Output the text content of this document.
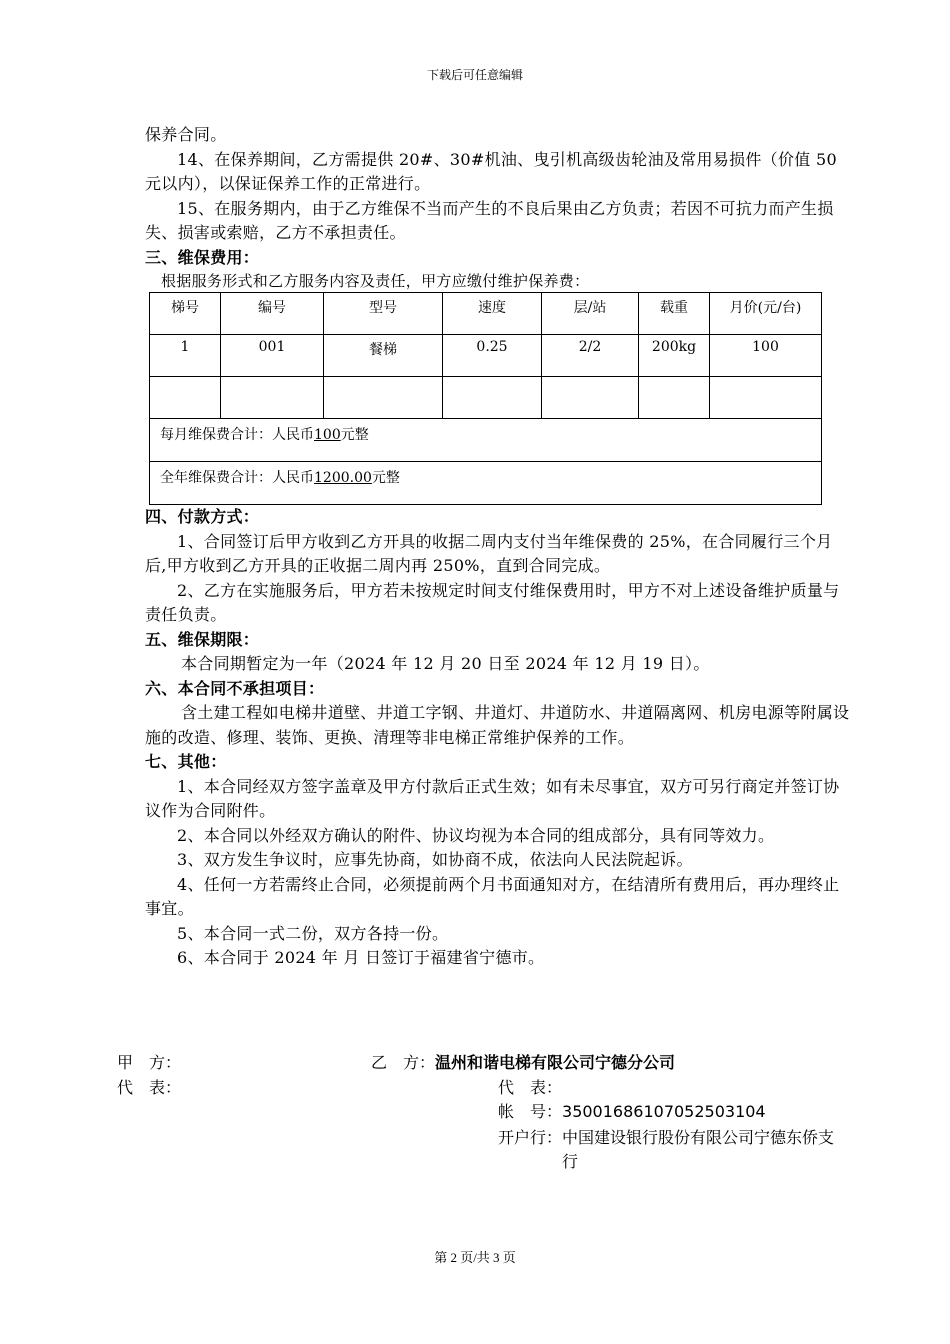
下载后可任意编辑

保养合同。

14、在保养期间，乙方需提供 20#、30#机油、曳引机高级齿轮油及常用易损件（价值 50 元以内），以保证保养工作的正常进行。

15、在服务期内，由于乙方维保不当而产生的不良后果由乙方负责；若因不可抗力而产生损失、损害或索赔，乙方不承担责任。

三、维保费用：

根据服务形式和乙方服务内容及责任，甲方应缴付维护保养费：

梯号	编号	型号	速度	层/站	载重	月价(元/台)
1	001	餐梯	0.25	2/2	200kg	100

每月维保费合计：人民币100元整						
全年维保费合计：人民币1200.00元整						

四、付款方式：

1、合同签订后甲方收到乙方开具的收据二周内支付当年维保费的 25%，在合同履行三个月后,甲方收到乙方开具的正收据二周内再 250%，直到合同完成。

2、乙方在实施服务后，甲方若未按规定时间支付维保费用时，甲方不对上述设备维护质量与责任负责。

五、维保期限：

本合同期暂定为一年（2024 年 12 月 20 日至 2024 年 12 月 19 日）。

六、本合同不承担项目：

含土建工程如电梯井道壁、井道工字钢、井道灯、井道防水、井道隔离网、机房电源等附属设施的改造、修理、装饰、更换、清理等非电梯正常维护保养的工作。

七、其他：

1、本合同经双方签字盖章及甲方付款后正式生效；如有未尽事宜，双方可另行商定并签订协议作为合同附件。

2、本合同以外经双方确认的附件、协议均视为本合同的组成部分，具有同等效力。

3、双方发生争议时，应事先协商，如协商不成，依法向人民法院起诉。

4、任何一方若需终止合同，必须提前两个月书面通知对方，在结清所有费用后，再办理终止事宜。

5、本合同一式二份，双方各持一份。

6、本合同于 2024 年 月 日签订于福建省宁德市。

甲　方：
代　表：
乙　方：温州和谐电梯有限公司宁德分公司
代　表：
帐　号：35001686107052503104
开户行： 中国建设银行股份有限公司宁德东侨支行
第 2 页/共 3 页
